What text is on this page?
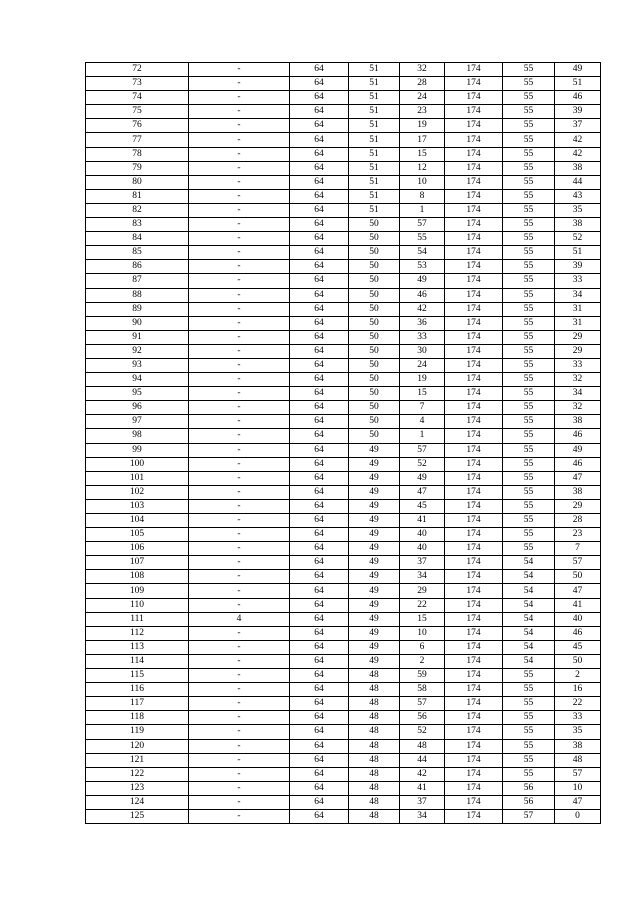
72	-	64	51	32	174	55	49
73	-	64	51	28	174	55	51
74	-	64	51	24	174	55	46
75	-	64	51	23	174	55	39
76	-	64	51	19	174	55	37
77	-	64	51	17	174	55	42
78	-	64	51	15	174	55	42
79	-	64	51	12	174	55	38
80	-	64	51	10	174	55	44
81	-	64	51	8	174	55	43
82	-	64	51	1	174	55	35
83	-	64	50	57	174	55	38
84	-	64	50	55	174	55	52
85	-	64	50	54	174	55	51
86	-	64	50	53	174	55	39
87	-	64	50	49	174	55	33
88	-	64	50	46	174	55	34
89	-	64	50	42	174	55	31
90	-	64	50	36	174	55	31
91	-	64	50	33	174	55	29
92	-	64	50	30	174	55	29
93	-	64	50	24	174	55	33
94	-	64	50	19	174	55	32
95	-	64	50	15	174	55	34
96	-	64	50	7	174	55	32
97	-	64	50	4	174	55	38
98	-	64	50	1	174	55	46
99	-	64	49	57	174	55	49
100	-	64	49	52	174	55	46
101	-	64	49	49	174	55	47
102	-	64	49	47	174	55	38
103	-	64	49	45	174	55	29
104	-	64	49	41	174	55	28
105	-	64	49	40	174	55	23
106	-	64	49	40	174	55	7
107	-	64	49	37	174	54	57
108	-	64	49	34	174	54	50
109	-	64	49	29	174	54	47
110	-	64	49	22	174	54	41
111	4	64	49	15	174	54	40
112	-	64	49	10	174	54	46
113	-	64	49	6	174	54	45
114	-	64	49	2	174	54	50
115	-	64	48	59	174	55	2
116	-	64	48	58	174	55	16
117	-	64	48	57	174	55	22
118	-	64	48	56	174	55	33
119	-	64	48	52	174	55	35
120	-	64	48	48	174	55	38
121	-	64	48	44	174	55	48
122	-	64	48	42	174	55	57
123	-	64	48	41	174	56	10
124	-	64	48	37	174	56	47
125	-	64	48	34	174	57	0
